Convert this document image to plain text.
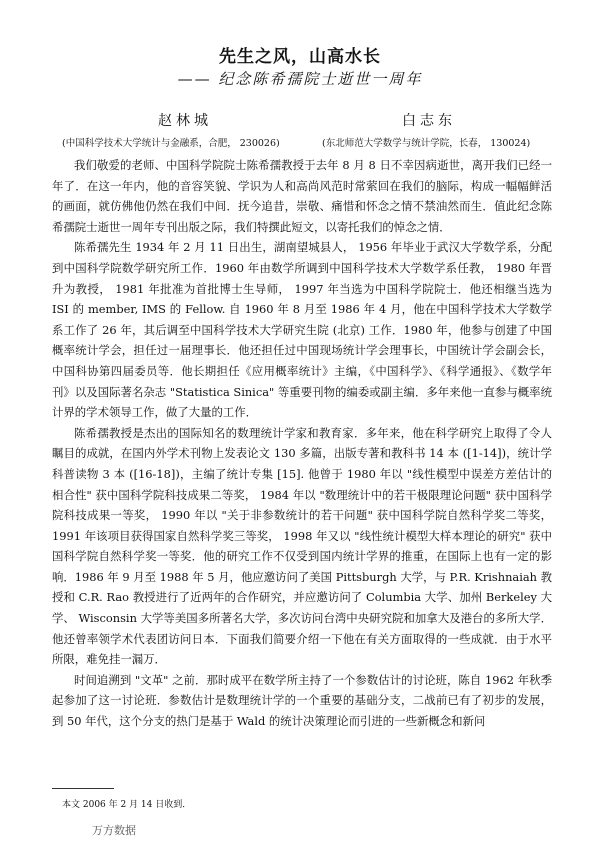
先生之风，山高水长
—— 纪念陈希孺院士逝世一周年
赵林城	白志东
(中国科学技术大学统计与金融系，合肥， 230026)	(东北师范大学数学与统计学院，长春， 130024)

我们敬爱的老师、中国科学院院士陈希孺教授于去年 8 月 8 日不幸因病逝世，离开我们已经一年了．在这一年内，他的音容笑貌、学识为人和高尚风范时常萦回在我们的脑际，构成一幅幅鲜活的画面，就仿佛他仍然在我们中间．抚今追昔，崇敬、痛惜和怀念之情不禁油然而生．值此纪念陈希孺院士逝世一周年专刊出版之际，我们特撰此短文，以寄托我们的悼念之情．

陈希孺先生 1934 年 2 月 11 日出生，湖南望城县人， 1956 年毕业于武汉大学数学系，分配到中国科学院数学研究所工作．1960 年由数学所调到中国科学技术大学数学系任教， 1980 年晋升为教授， 1981 年批准为首批博士生导师， 1997 年当选为中国科学院院士．他还相继当选为 ISI 的 member, IMS 的 Fellow. 自 1960 年 8 月至 1986 年 4 月，他在中国科学技术大学数学系工作了 26 年，其后调至中国科学技术大学研究生院 (北京) 工作．1980 年，他参与创建了中国概率统计学会，担任过一届理事长．他还担任过中国现场统计学会理事长，中国统计学会副会长，中国科协第四届委员等．他长期担任《应用概率统计》主编，《中国科学》、《科学通报》、《数学年刊》以及国际著名杂志 "Statistica Sinica" 等重要刊物的编委或副主编．多年来他一直参与概率统计界的学术领导工作，做了大量的工作．

陈希孺教授是杰出的国际知名的数理统计学家和教育家．多年来，他在科学研究上取得了令人瞩目的成就，在国内外学术刊物上发表论文 130 多篇，出版专著和教科书 14 本 ([1-14])，统计学科普读物 3 本 ([16-18])，主编了统计专集 [15]. 他曾于 1980 年以 "线性模型中误差方差估计的相合性" 获中国科学院科技成果二等奖， 1984 年以 "数理统计中的若干极限理论问题" 获中国科学院科技成果一等奖， 1990 年以 "关于非参数统计的若干问题" 获中国科学院自然科学奖二等奖， 1991 年该项目获得国家自然科学奖三等奖， 1998 年又以 "线性统计模型大样本理论的研究" 获中国科学院自然科学奖一等奖．他的研究工作不仅受到国内统计学界的推重，在国际上也有一定的影响．1986 年 9 月至 1988 年 5 月，他应邀访问了美国 Pittsburgh 大学，与 P.R. Krishnaiah 教授和 C.R. Rao 教授进行了近两年的合作研究，并应邀访问了 Columbia 大学、加州 Berkeley 大学、 Wisconsin 大学等美国多所著名大学，多次访问台湾中央研究院和加拿大及港台的多所大学．他还曾率领学术代表团访问日本．下面我们简要介绍一下他在有关方面取得的一些成就．由于水平所限，难免挂一漏万．

时间追溯到 "文革" 之前．那时成平在数学所主持了一个参数估计的讨论班，陈自 1962 年秋季起参加了这一讨论班．参数估计是数理统计学的一个重要的基础分支，二战前已有了初步的发展，到 50 年代，这个分支的热门是基于 Wald 的统计决策理论而引进的一些新概念和新问

本文 2006 年 2 月 14 日收到．
万方数据
